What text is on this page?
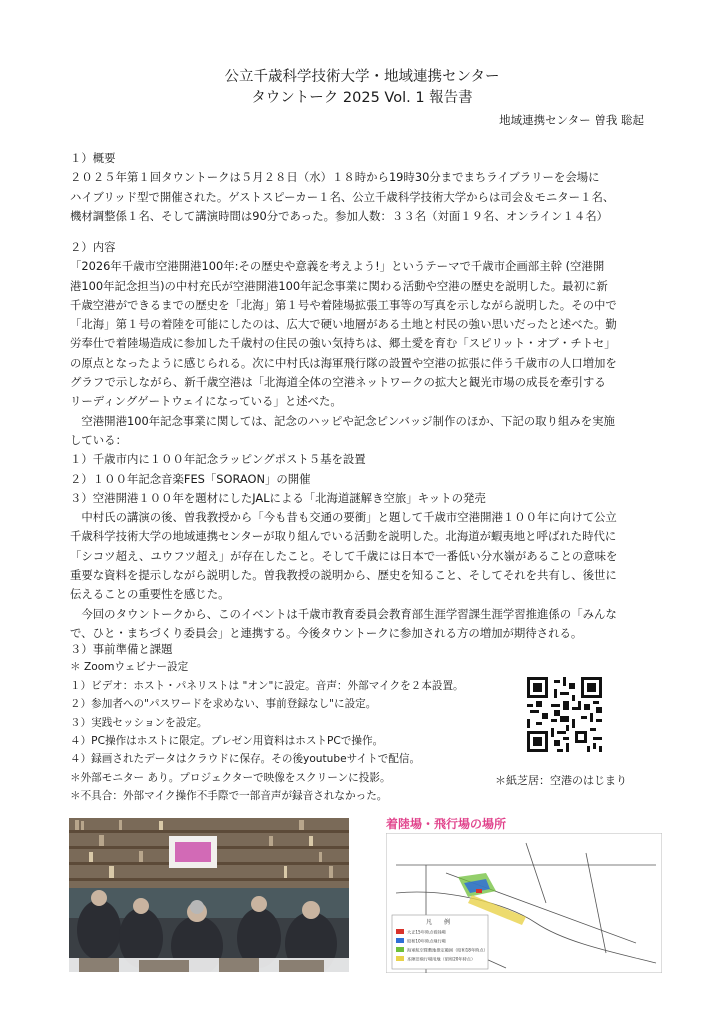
公立千歳科学技術大学・地域連携センター
タウントーク 2025 Vol. 1 報告書
地域連携センター 曽我 聡起

１）概要

２０２５年第１回タウントークは５月２８日（水）１８時から19時30分までまちライブラリーを会場に

ハイブリッド型で開催された。ゲストスピーカー１名、公立千歳科学技術大学からは司会＆モニター１名、

機材調整係１名、そして講演時間は90分であった。参加人数：３３名（対面１９名、オンライン１４名）

２）内容

「2026年千歳市空港開港100年:その歴史や意義を考えよう!」というテーマで千歳市企画部主幹 (空港開

港100年記念担当)の中村充氏が空港開港100年記念事業に関わる活動や空港の歴史を説明した。最初に新

千歳空港ができるまでの歴史を「北海」第１号や着陸場拡張工事等の写真を示しながら説明した。その中で

「北海」第１号の着陸を可能にしたのは、広大で硬い地層がある土地と村民の強い思いだったと述べた。勤

労奉仕で着陸場造成に参加した千歳村の住民の強い気持ちは、郷土愛を育む「スピリット・オブ・チトセ」

の原点となったように感じられる。次に中村氏は海軍飛行隊の設置や空港の拡張に伴う千歳市の人口増加を

グラフで示しながら、新千歳空港は「北海道全体の空港ネットワークの拡大と観光市場の成長を牽引する

リーディングゲートウェイになっている」と述べた。

　空港開港100年記念事業に関しては、記念のハッピや記念ピンバッジ制作のほか、下記の取り組みを実施

している：

１）千歳市内に１００年記念ラッピングポスト５基を設置

２）１００年記念音楽FES「SORAON」の開催

３）空港開港１００年を題材にしたJALによる「北海道謎解き空旅」キットの発売

　中村氏の講演の後、曽我教授から「今も昔も交通の要衝」と題して千歳市空港開港１００年に向けて公立

千歳科学技術大学の地域連携センターが取り組んでいる活動を説明した。北海道が蝦夷地と呼ばれた時代に

「シコツ超え、ユウフツ超え」が存在したこと。そして千歳には日本で一番低い分水嶺があることの意味を

重要な資料を提示しながら説明した。曽我教授の説明から、歴史を知ること、そしてそれを共有し、後世に

伝えることの重要性を感じた。

　今回のタウントークから、このイベントは千歳市教育委員会教育部生涯学習課生涯学習推進係の「みんな

で、ひと・まちづくり委員会」と連携する。今後タウントークに参加される方の増加が期待される。

３）事前準備と課題

＊ Zoomウェビナー設定

１）ビデオ：ホスト・パネリストは "オン"に設定。音声：外部マイクを２本設置。

２）参加者への"パスワードを求めない、事前登録なし"に設定。

３）実践セッションを設定。

４）PC操作はホストに限定。プレゼン用資料はホストPCで操作。

４）録画されたデータはクラウドに保存。その後youtubeサイトで配信。

＊外部モニター あり。プロジェクターで映像をスクリーンに投影。

＊不具合：外部マイク操作不手際で一部音声が録音されなかった。

＊紙芝居：空港のはじまり
着陸場・飛行場の場所
凡　　例
大正15年時点着陸場
昭和10年時点飛行場
海軍航空隊敷地推定範囲（昭和18年時点）
本陣旧飛行場用地（昭和20年時点）
